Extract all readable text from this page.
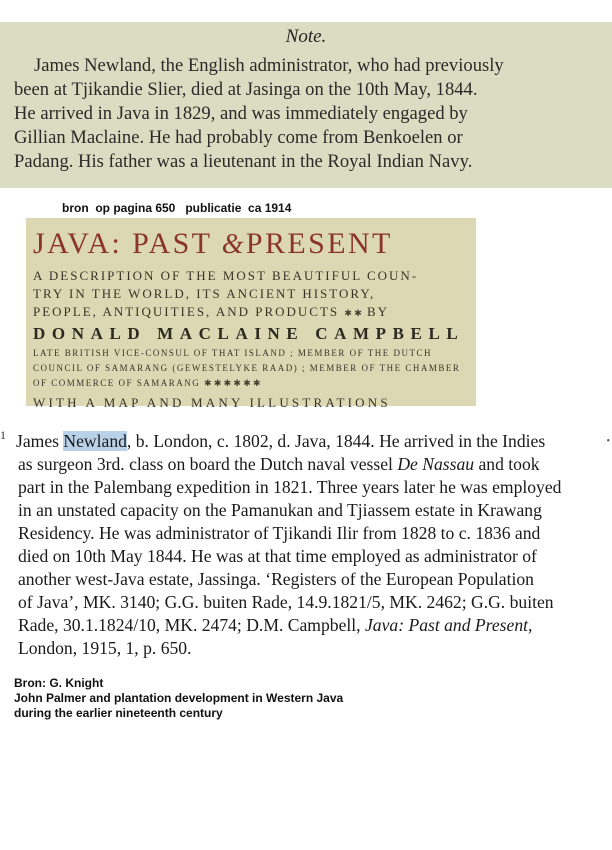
Note.

James Newland, the English administrator, who had previously
been at Tjikandie Slier, died at Jasinga on the 10th May, 1844.
He arrived in Java in 1829, and was immediately engaged by
Gillian Maclaine. He had probably come from Benkoelen or
Padang. His father was a lieutenant in the Royal Indian Navy.

bron  op pagina 650   publicatie  ca 1914

JAVA: PAST &PRESENT

A DESCRIPTION OF THE MOST BEAUTIFUL COUN-

TRY IN THE WORLD, ITS ANCIENT HISTORY,

PEOPLE, ANTIQUITIES, AND PRODUCTS ✱ ✱ BY

DONALD MACLAINE CAMPBELL

LATE BRITISH VICE-CONSUL OF THAT ISLAND ; MEMBER OF THE DUTCH

COUNCIL OF SAMARANG (GEWESTELYKE RAAD) ; MEMBER OF THE CHAMBER

OF COMMERCE OF SAMARANG ✱ ✱ ✱ ✱ ✱ ✱

WITH A MAP AND MANY ILLUSTRATIONS

1	•
James Newland, b. London, c. 1802, d. Java, 1844. He arrived in the Indies
as surgeon 3rd. class on board the Dutch naval vessel De Nassau and took
part in the Palembang expedition in 1821. Three years later he was employed
in an unstated capacity on the Pamanukan and Tjiassem estate in Krawang
Residency. He was administrator of Tjikandi Ilir from 1828 to c. 1836 and
died on 10th May 1844. He was at that time employed as administrator of
another west-Java estate, Jassinga. ‘Registers of the European Population
of Java’, MK. 3140; G.G. buiten Rade, 14.9.1821/5, MK. 2462; G.G. buiten
Rade, 30.1.1824/10, MK. 2474; D.M. Campbell, Java: Past and Present,
London, 1915, 1, p. 650.
Bron: G. Knight
John Palmer and plantation development in Western Java
during the earlier nineteenth century
